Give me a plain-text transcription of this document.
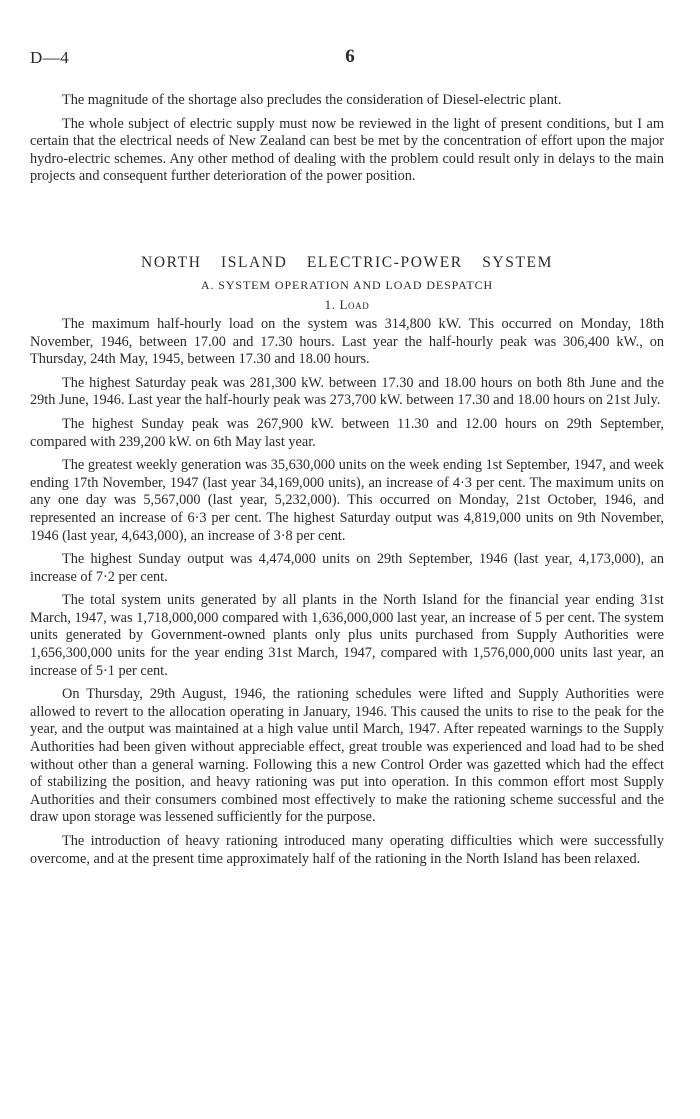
D—4	6

The magnitude of the shortage also precludes the consideration of Diesel-electric plant.

The whole subject of electric supply must now be reviewed in the light of present conditions, but I am certain that the electrical needs of New Zealand can best be met by the concentration of effort upon the major hydro-electric schemes. Any other method of dealing with the problem could result only in delays to the main projects and consequent further deterioration of the power position.

NORTH ISLAND ELECTRIC-POWER SYSTEM
A. SYSTEM OPERATION AND LOAD DESPATCH
1. Load

The maximum half-hourly load on the system was 314,800 kW. This occurred on Monday, 18th November, 1946, between 17.00 and 17.30 hours. Last year the half-hourly peak was 306,400 kW., on Thursday, 24th May, 1945, between 17.30 and 18.00 hours.

The highest Saturday peak was 281,300 kW. between 17.30 and 18.00 hours on both 8th June and the 29th June, 1946. Last year the half-hourly peak was 273,700 kW. between 17.30 and 18.00 hours on 21st July.

The highest Sunday peak was 267,900 kW. between 11.30 and 12.00 hours on 29th September, compared with 239,200 kW. on 6th May last year.

The greatest weekly generation was 35,630,000 units on the week ending 1st September, 1947, and week ending 17th November, 1947 (last year 34,169,000 units), an increase of 4·3 per cent. The maximum units on any one day was 5,567,000 (last year, 5,232,000). This occurred on Monday, 21st October, 1946, and represented an increase of 6·3 per cent. The highest Saturday output was 4,819,000 units on 9th November, 1946 (last year, 4,643,000), an increase of 3·8 per cent.

The highest Sunday output was 4,474,000 units on 29th September, 1946 (last year, 4,173,000), an increase of 7·2 per cent.

The total system units generated by all plants in the North Island for the financial year ending 31st March, 1947, was 1,718,000,000 compared with 1,636,000,000 last year, an increase of 5 per cent. The system units generated by Government-owned plants only plus units purchased from Supply Authorities were 1,656,300,000 units for the year ending 31st March, 1947, compared with 1,576,000,000 units last year, an increase of 5·1 per cent.

On Thursday, 29th August, 1946, the rationing schedules were lifted and Supply Authorities were allowed to revert to the allocation operating in January, 1946. This caused the units to rise to the peak for the year, and the output was maintained at a high value until March, 1947. After repeated warnings to the Supply Authorities had been given without appreciable effect, great trouble was experienced and load had to be shed without other than a general warning. Following this a new Control Order was gazetted which had the effect of stabilizing the position, and heavy rationing was put into operation. In this common effort most Supply Authorities and their consumers combined most effectively to make the rationing scheme successful and the draw upon storage was lessened sufficiently for the purpose.

The introduction of heavy rationing introduced many operating difficulties which were successfully overcome, and at the present time approximately half of the rationing in the North Island has been relaxed.
